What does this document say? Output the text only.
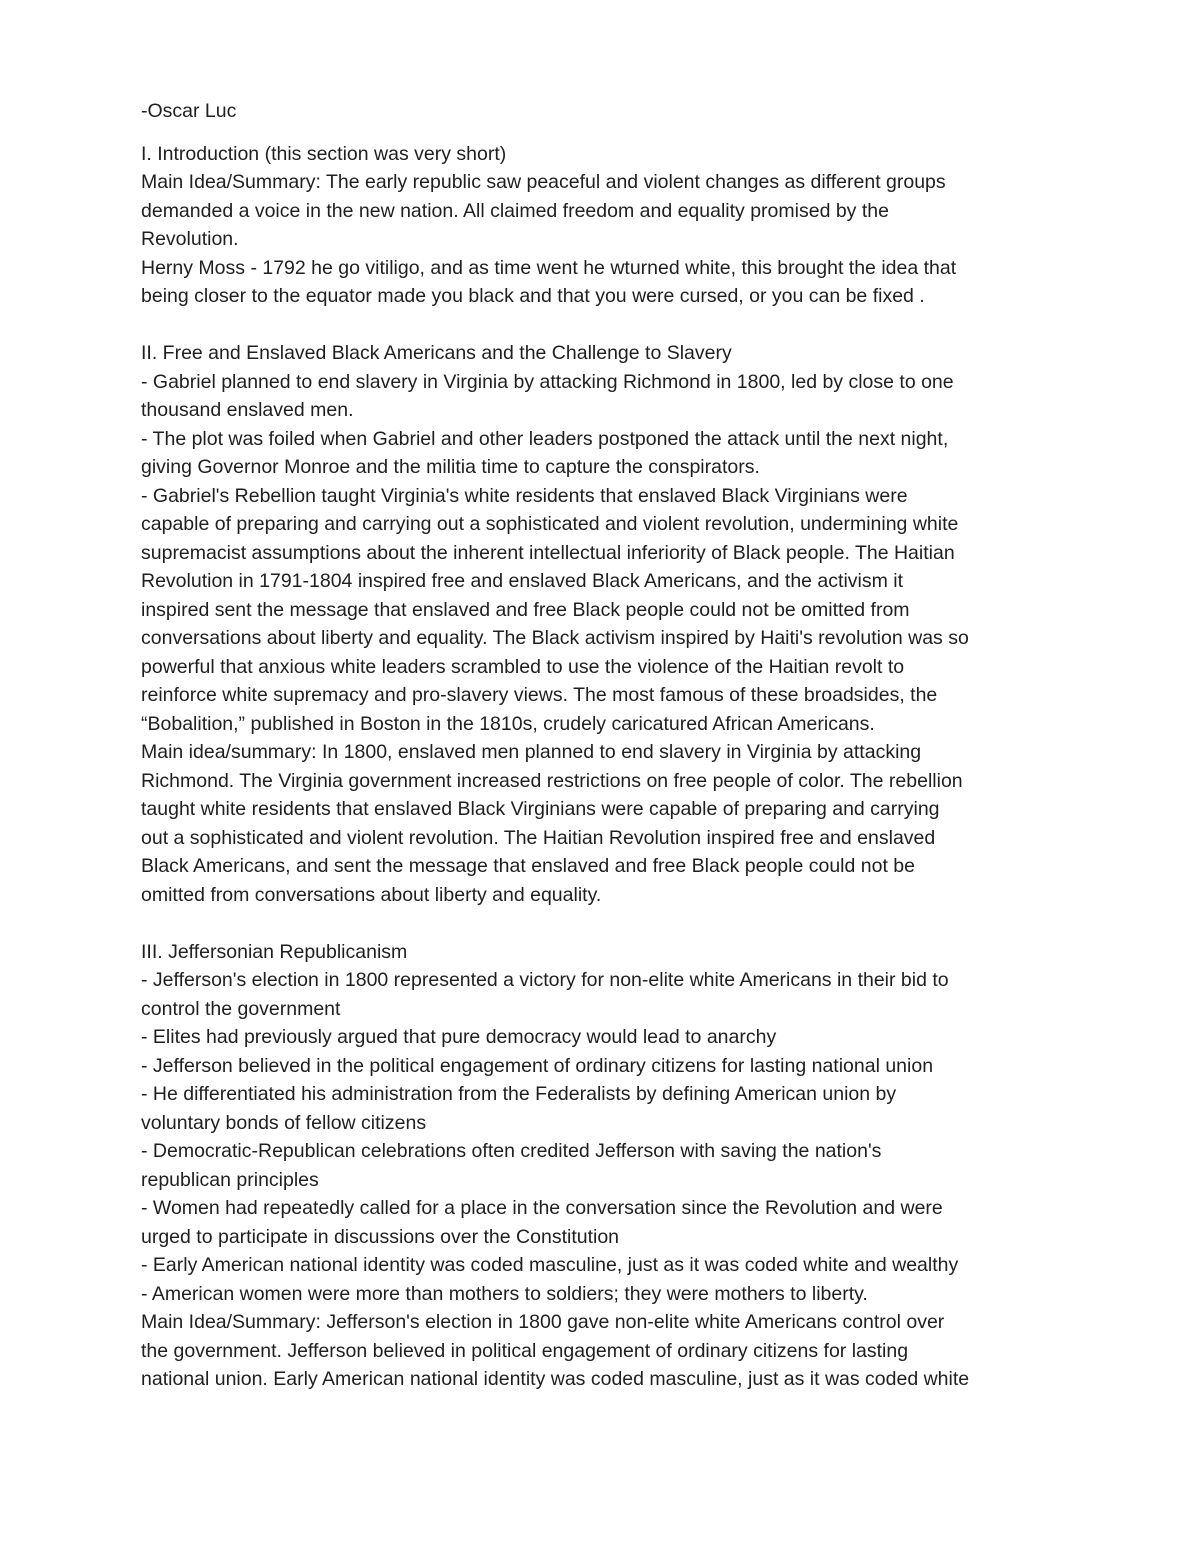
-Oscar Luc
I. Introduction (this section was very short)
Main Idea/Summary: The early republic saw peaceful and violent changes as different groups
demanded a voice in the new nation. All claimed freedom and equality promised by the
Revolution.
Herny Moss - 1792 he go vitiligo, and as time went he wturned white, this brought the idea that
being closer to the equator made you black and that you were cursed, or you can be fixed .
II. Free and Enslaved Black Americans and the Challenge to Slavery
- Gabriel planned to end slavery in Virginia by attacking Richmond in 1800, led by close to one
thousand enslaved men.
- The plot was foiled when Gabriel and other leaders postponed the attack until the next night,
giving Governor Monroe and the militia time to capture the conspirators.
- Gabriel's Rebellion taught Virginia's white residents that enslaved Black Virginians were
capable of preparing and carrying out a sophisticated and violent revolution, undermining white
supremacist assumptions about the inherent intellectual inferiority of Black people. The Haitian
Revolution in 1791-1804 inspired free and enslaved Black Americans, and the activism it
inspired sent the message that enslaved and free Black people could not be omitted from
conversations about liberty and equality. The Black activism inspired by Haiti's revolution was so
powerful that anxious white leaders scrambled to use the violence of the Haitian revolt to
reinforce white supremacy and pro-slavery views. The most famous of these broadsides, the
“Bobalition,” published in Boston in the 1810s, crudely caricatured African Americans.
Main idea/summary: In 1800, enslaved men planned to end slavery in Virginia by attacking
Richmond. The Virginia government increased restrictions on free people of color. The rebellion
taught white residents that enslaved Black Virginians were capable of preparing and carrying
out a sophisticated and violent revolution. The Haitian Revolution inspired free and enslaved
Black Americans, and sent the message that enslaved and free Black people could not be
omitted from conversations about liberty and equality.
III. Jeffersonian Republicanism
- Jefferson's election in 1800 represented a victory for non-elite white Americans in their bid to
control the government
- Elites had previously argued that pure democracy would lead to anarchy
- Jefferson believed in the political engagement of ordinary citizens for lasting national union
- He differentiated his administration from the Federalists by defining American union by
voluntary bonds of fellow citizens
- Democratic-Republican celebrations often credited Jefferson with saving the nation's
republican principles
- Women had repeatedly called for a place in the conversation since the Revolution and were
urged to participate in discussions over the Constitution
- Early American national identity was coded masculine, just as it was coded white and wealthy
- American women were more than mothers to soldiers; they were mothers to liberty.
Main Idea/Summary: Jefferson's election in 1800 gave non-elite white Americans control over
the government. Jefferson believed in political engagement of ordinary citizens for lasting
national union. Early American national identity was coded masculine, just as it was coded white
